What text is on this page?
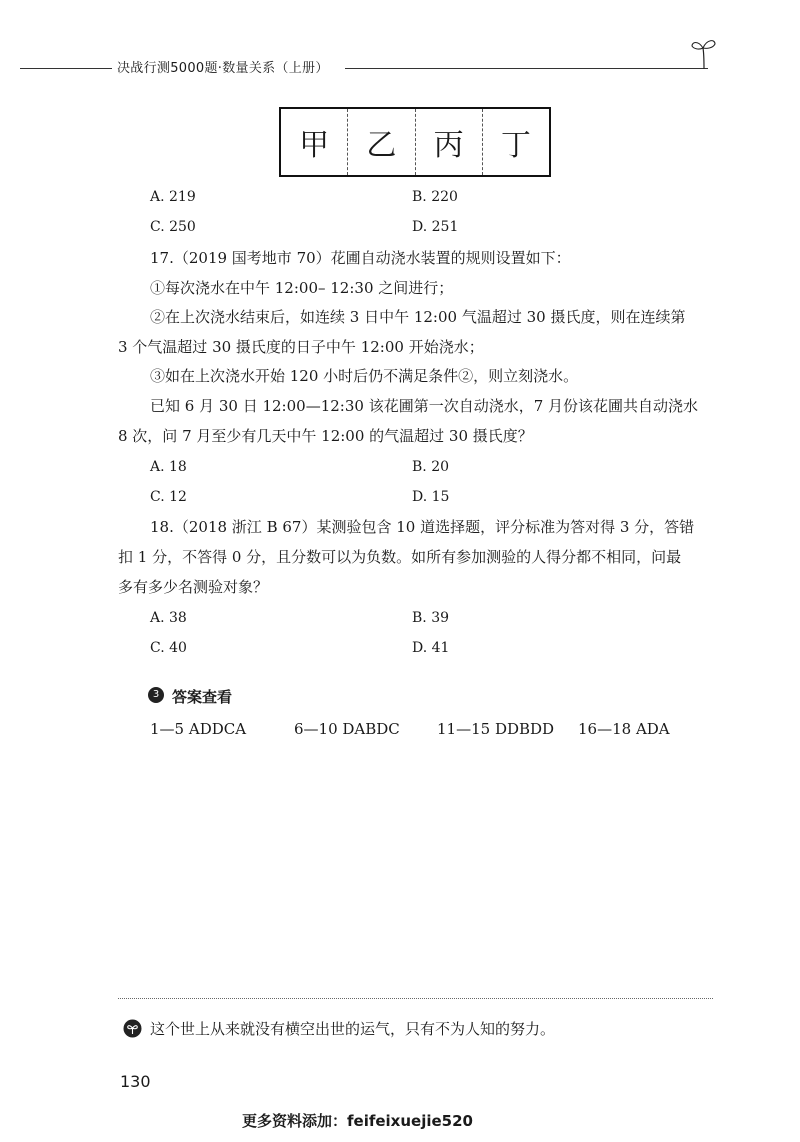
决战行测5000题·数量关系（上册）
甲	乙	丙	丁
A. 219	B. 220
C. 250	D. 251
17.（2019 国考地市 70）花圃自动浇水装置的规则设置如下：
①每次浇水在中午 12:00– 12:30 之间进行；
②在上次浇水结束后，如连续 3 日中午 12:00 气温超过 30 摄氏度，则在连续第
3 个气温超过 30 摄氏度的日子中午 12:00 开始浇水；
③如在上次浇水开始 120 小时后仍不满足条件②，则立刻浇水。
已知 6 月 30 日 12:00—12:30 该花圃第一次自动浇水，7 月份该花圃共自动浇水
8 次，问 7 月至少有几天中午 12:00 的气温超过 30 摄氏度？
A. 18	B. 20
C. 12	D. 15
18.（2018 浙江 B 67）某测验包含 10 道选择题，评分标准为答对得 3 分，答错
扣 1 分，不答得 0 分，且分数可以为负数。如所有参加测验的人得分都不相同，问最
多有多少名测验对象？
A. 38	B. 39
C. 40	D. 41
3 答案查看
1—5 ADDCA	6—10 DABDC 11—15 DDBDD 16—18 ADA
这个世上从来就没有横空出世的运气，只有不为人知的努力。
130
更多资料添加：feifeixuejie520
